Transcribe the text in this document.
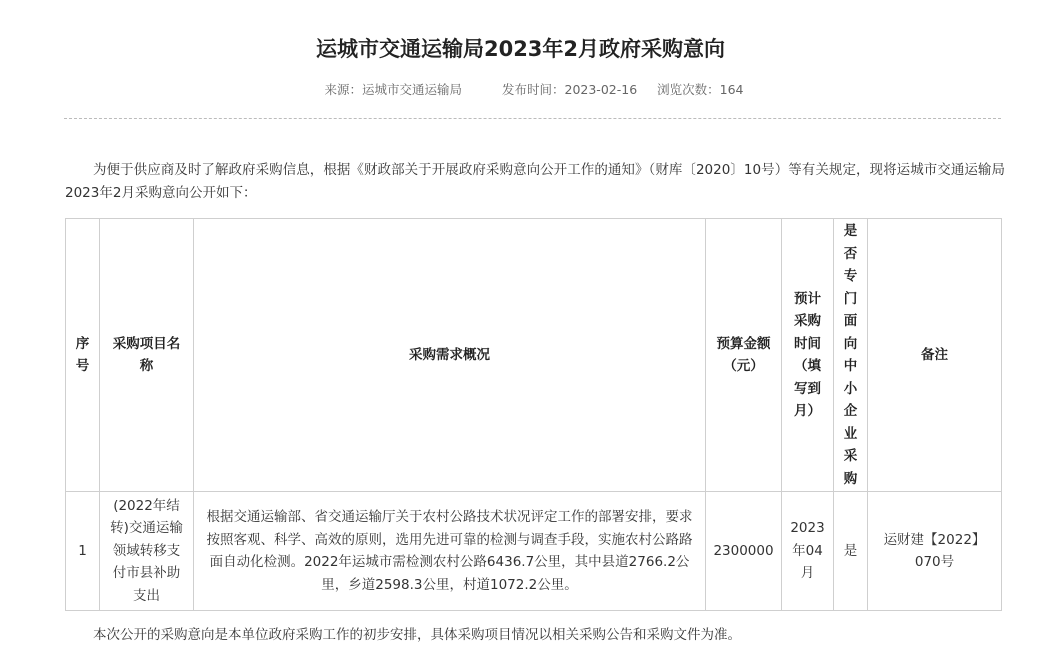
运城市交通运输局2023年2月政府采购意向
来源：运城市交通运输局	发布时间：2023-02-16 浏览次数：164

为便于供应商及时了解政府采购信息，根据《财政部关于开展政府采购意向公开工作的通知》（财库〔2020〕10号）等有关规定，现将运城市交通运输局2023年2月采购意向公开如下：

序号	采购项目名称	采购需求概况	预算金额（元）	预计采购时间（填写到月）	是否专门面向中小企业采购	备注
1	(2022年结转)交通运输领域转移支付市县补助支出	根据交通运输部、省交通运输厅关于农村公路技术状况评定工作的部署安排，要求按照客观、科学、高效的原则，选用先进可靠的检测与调查手段，实施农村公路路面自动化检测。2022年运城市需检测农村公路6436.7公里，其中县道2766.2公里，乡道2598.3公里，村道1072.2公里。	2300000	2023年04月	是	运财建【2022】070号

本次公开的采购意向是本单位政府采购工作的初步安排，具体采购项目情况以相关采购公告和采购文件为准。
